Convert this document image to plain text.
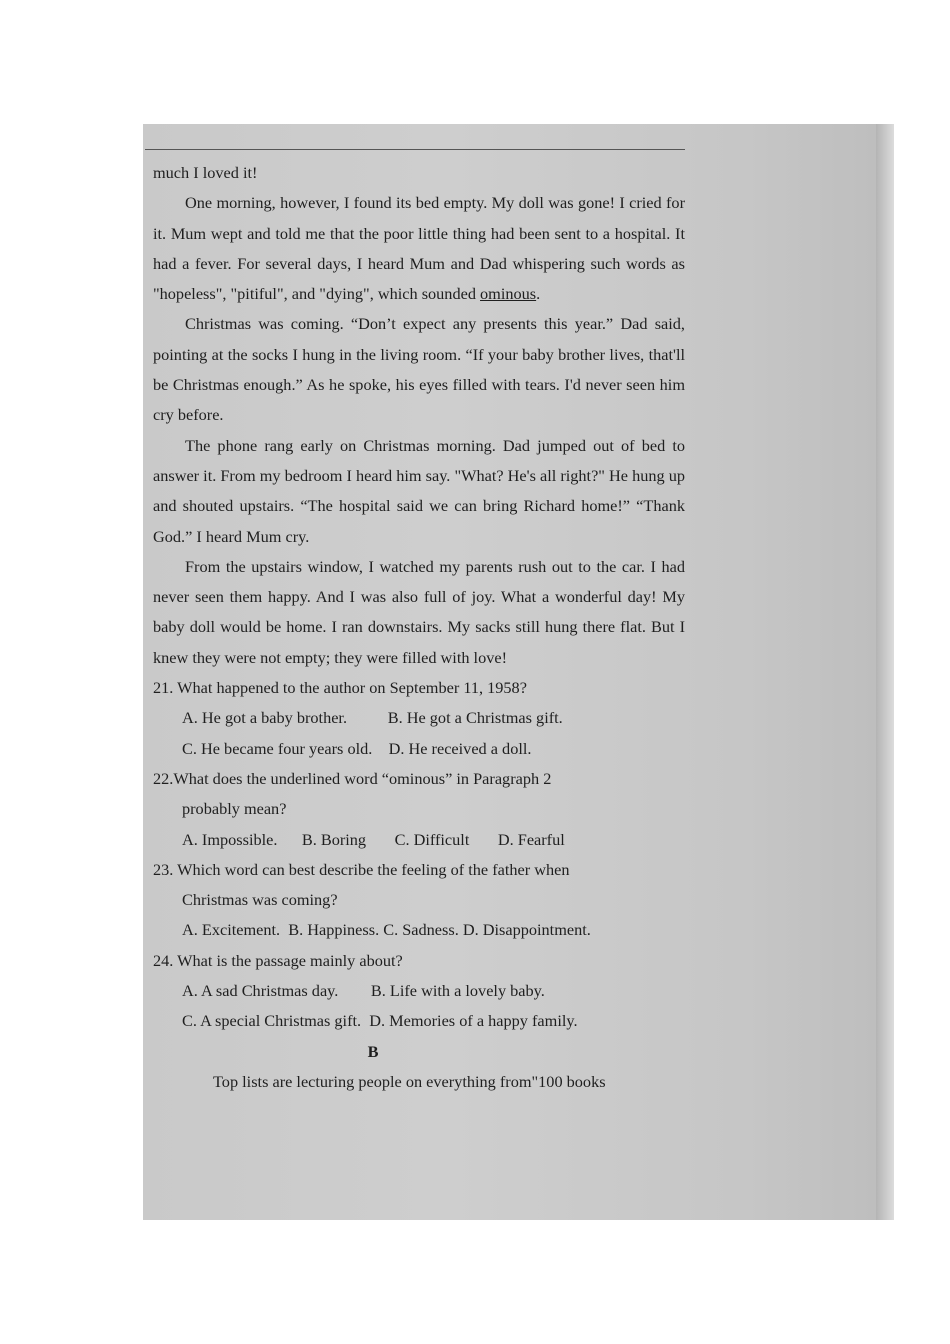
much I loved it!

One morning, however, I found its bed empty. My doll was gone! I cried for it. Mum wept and told me that the poor little thing had been sent to a hospital. It had a fever. For several days, I heard Mum and Dad whispering such words as "hopeless", "pitiful", and "dying", which sounded ominous.

Christmas was coming. “Don’t expect any presents this year.” Dad said, pointing at the socks I hung in the living room. “If your baby brother lives, that'll be Christmas enough.” As he spoke, his eyes filled with tears. I'd never seen him cry before.

The phone rang early on Christmas morning. Dad jumped out of bed to answer it. From my bedroom I heard him say. "What? He's all right?" He hung up and shouted upstairs. “The hospital said we can bring Richard home!” “Thank God.” I heard Mum cry.

From the upstairs window, I watched my parents rush out to the car. I had never seen them happy. And I was also full of joy. What a wonderful day! My baby doll would be home. I ran downstairs. My sacks still hung there flat. But I knew they were not empty; they were filled with love!

21. What happened to the author on September 11, 1958?

A. He got a baby brother. B. He got a Christmas gift.

C. He became four years old. D. He received a doll.

22.What does the underlined word “ominous” in Paragraph 2

probably mean?

A. Impossible. B. Boring C. Difficult D. Fearful

23. Which word can best describe the feeling of the father when

Christmas was coming?

A. Excitement. B. Happiness. C. Sadness. D. Disappointment.

24. What is the passage mainly about?

A. A sad Christmas day. B. Life with a lovely baby.

C. A special Christmas gift. D. Memories of a happy family.

B

Top lists are lecturing people on everything from"100 books
